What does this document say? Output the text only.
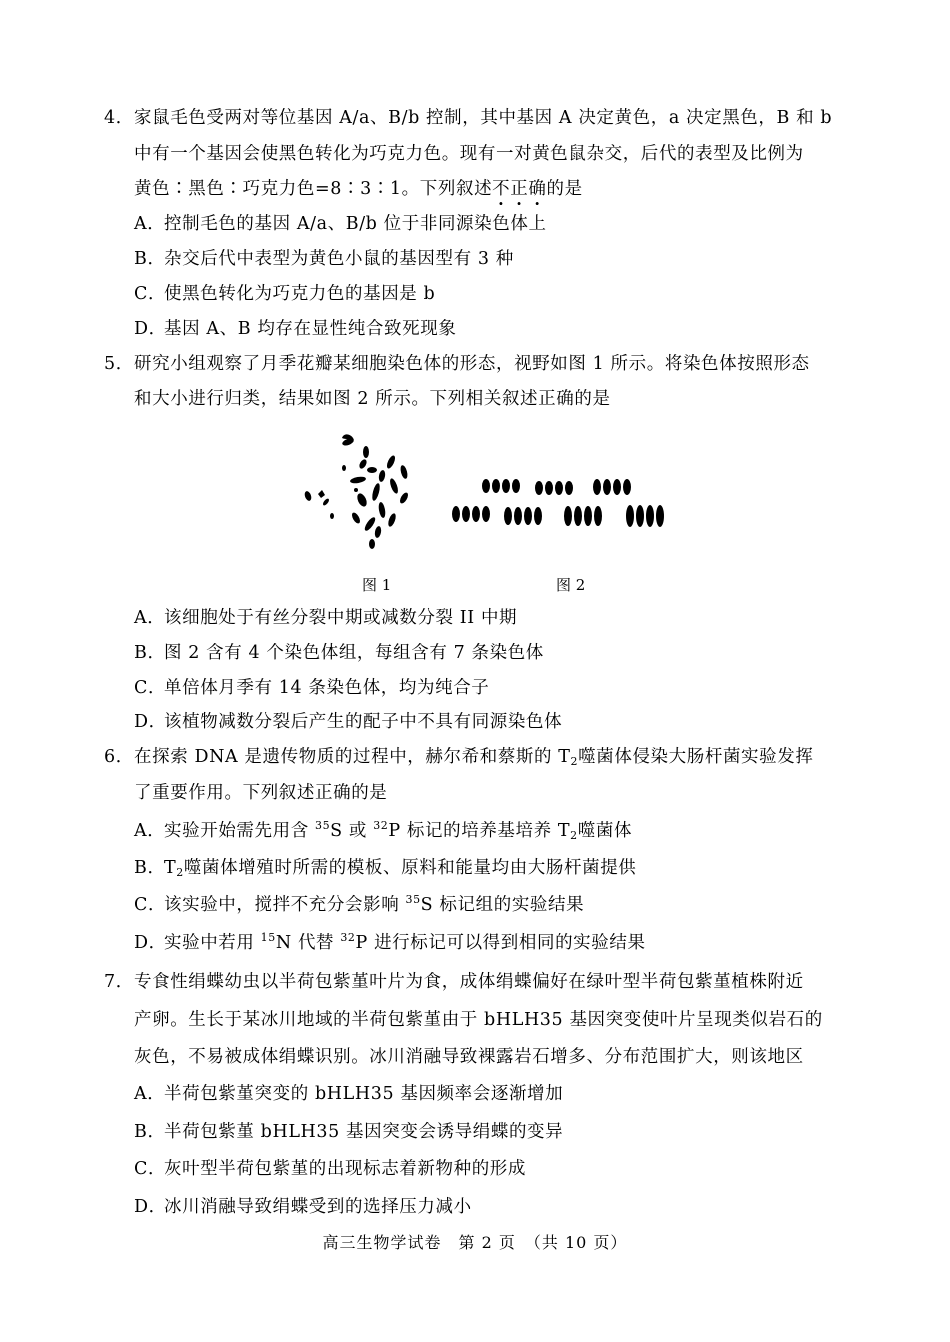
4． 家鼠毛色受两对等位基因 A/a、B/b 控制，其中基因 A 决定黄色，a 决定黑色，B 和 b
中有一个基因会使黑色转化为巧克力色。现有一对黄色鼠杂交，后代的表型及比例为
黄色∶黑色∶巧克力色=8∶3∶1。下列叙述不正确的是
A．控制毛色的基因 A/a、B/b 位于非同源染色体上
B．杂交后代中表型为黄色小鼠的基因型有 3 种
C．使黑色转化为巧克力色的基因是 b
D．基因 A、B 均存在显性纯合致死现象
5． 研究小组观察了月季花瓣某细胞染色体的形态，视野如图 1 所示。将染色体按照形态
和大小进行归类，结果如图 2 所示。下列相关叙述正确的是
图 1	图 2
A．该细胞处于有丝分裂中期或减数分裂 II 中期
B．图 2 含有 4 个染色体组，每组含有 7 条染色体
C．单倍体月季有 14 条染色体，均为纯合子
D．该植物减数分裂后产生的配子中不具有同源染色体
6． 在探索 DNA 是遗传物质的过程中，赫尔希和蔡斯的 $T_2$噬菌体侵染大肠杆菌实验发挥
了重要作用。下列叙述正确的是
A．实验开始需先用含 $^{35}$S 或 $^{32}$P 标记的培养基培养 $T_2$噬菌体
B．$T_2$噬菌体增殖时所需的模板、原料和能量均由大肠杆菌提供
C．该实验中，搅拌不充分会影响 $^{35}$S 标记组的实验结果
D．实验中若用 $^{15}$N 代替 $^{32}$P 进行标记可以得到相同的实验结果
7． 专食性绢蝶幼虫以半荷包紫堇叶片为食，成体绢蝶偏好在绿叶型半荷包紫堇植株附近
产卵。生长于某冰川地域的半荷包紫堇由于 bHLH35 基因突变使叶片呈现类似岩石的
灰色，不易被成体绢蝶识别。冰川消融导致裸露岩石增多、分布范围扩大，则该地区
A．半荷包紫堇突变的 bHLH35 基因频率会逐渐增加
B．半荷包紫堇 bHLH35 基因突变会诱导绢蝶的变异
C．灰叶型半荷包紫堇的出现标志着新物种的形成
D．冰川消融导致绢蝶受到的选择压力减小
高三生物学试卷　第 2 页　（共 10 页）
